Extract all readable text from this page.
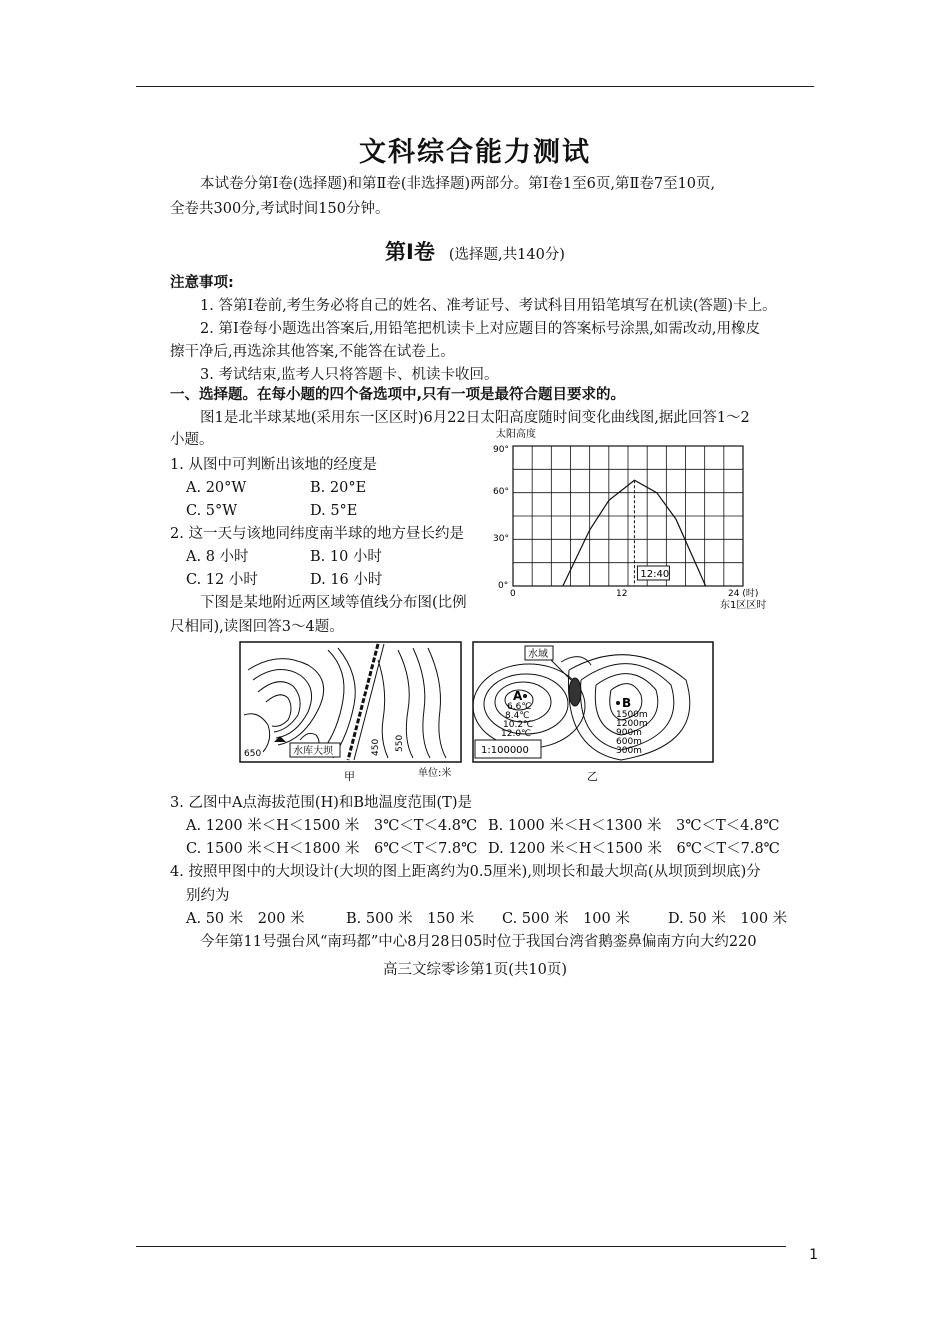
文科综合能力测试
本试卷分第Ⅰ卷(选择题)和第Ⅱ卷(非选择题)两部分。第Ⅰ卷1至6页,第Ⅱ卷7至10页,
全卷共300分,考试时间150分钟。
第Ⅰ卷 (选择题,共140分)
注意事项:
1. 答第Ⅰ卷前,考生务必将自己的姓名、准考证号、考试科目用铅笔填写在机读(答题)卡上。
2. 第Ⅰ卷每小题选出答案后,用铅笔把机读卡上对应题目的答案标号涂黑,如需改动,用橡皮
擦干净后,再选涂其他答案,不能答在试卷上。
3. 考试结束,监考人只将答题卡、机读卡收回。
一、选择题。在每小题的四个备选项中,只有一项是最符合题目要求的。
图1是北半球某地(采用东一区区时)6月22日太阳高度随时间变化曲线图,据此回答1～2
小题。
1. 从图中可判断出该地的经度是
A. 20°W	B. 20°E
C. 5°W	D. 5°E
2. 这一天与该地同纬度南半球的地方昼长约是
A. 8 小时	B. 10 小时
C. 12 小时	D. 16 小时	12:40
太阳高度
90°
60°
30°
0°
0	12	24 (时)
东1区区时
下图是某地附近两区域等值线分布图(比例
尺相同),读图回答3～4题。
水库大坝
650	450 550
甲	单位:米
水域
A	B
6.6℃
8.4℃
10.2℃
12.0℃
1500m
1200m
900m
600m
300m
1:100000
乙
3. 乙图中A点海拔范围(H)和B地温度范围(T)是
A. 1200 米＜H＜1500 米　3℃＜T＜4.8℃ B. 1000 米＜H＜1300 米　3℃＜T＜4.8℃
C. 1500 米＜H＜1800 米　6℃＜T＜7.8℃ D. 1200 米＜H＜1500 米　6℃＜T＜7.8℃
4. 按照甲图中的大坝设计(大坝的图上距离约为0.5厘米),则坝长和最大坝高(从坝顶到坝底)分
别约为
A. 50 米　200 米	B. 500 米　150 米 C. 500 米　100 米	D. 50 米　100 米
今年第11号强台风“南玛都”中心8月28日05时位于我国台湾省鹅銮鼻偏南方向大约220
高三文综零诊第1页(共10页)
1
